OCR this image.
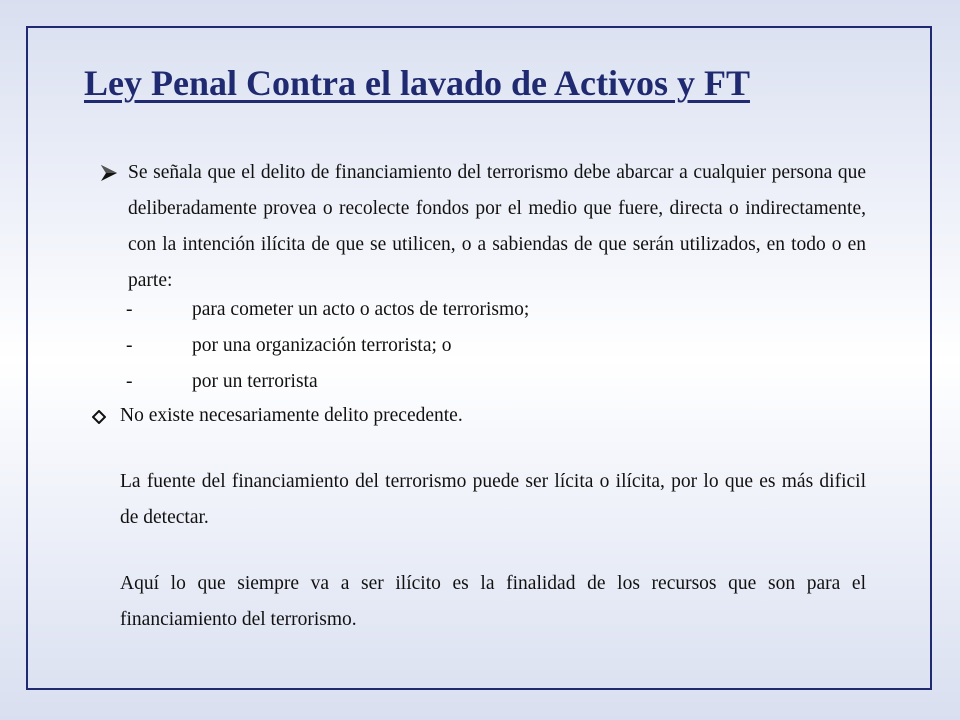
Ley Penal Contra el lavado de Activos y FT
Se señala que el delito de financiamiento del terrorismo debe abarcar a cualquier persona que deliberadamente provea o recolecte fondos por el medio que fuere, directa o indirectamente, con la intención ilícita de que se utilicen, o a sabiendas de que serán utilizados, en todo o en parte:
-	para cometer un acto o actos de terrorismo;
-	por una organización terrorista; o
-	por un terrorista
No existe necesariamente delito precedente.
La fuente del financiamiento del terrorismo puede ser lícita o ilícita, por lo que es más dificil de detectar.
Aquí lo que siempre va a ser ilícito es la finalidad de los recursos que son para el financiamiento del terrorismo.
